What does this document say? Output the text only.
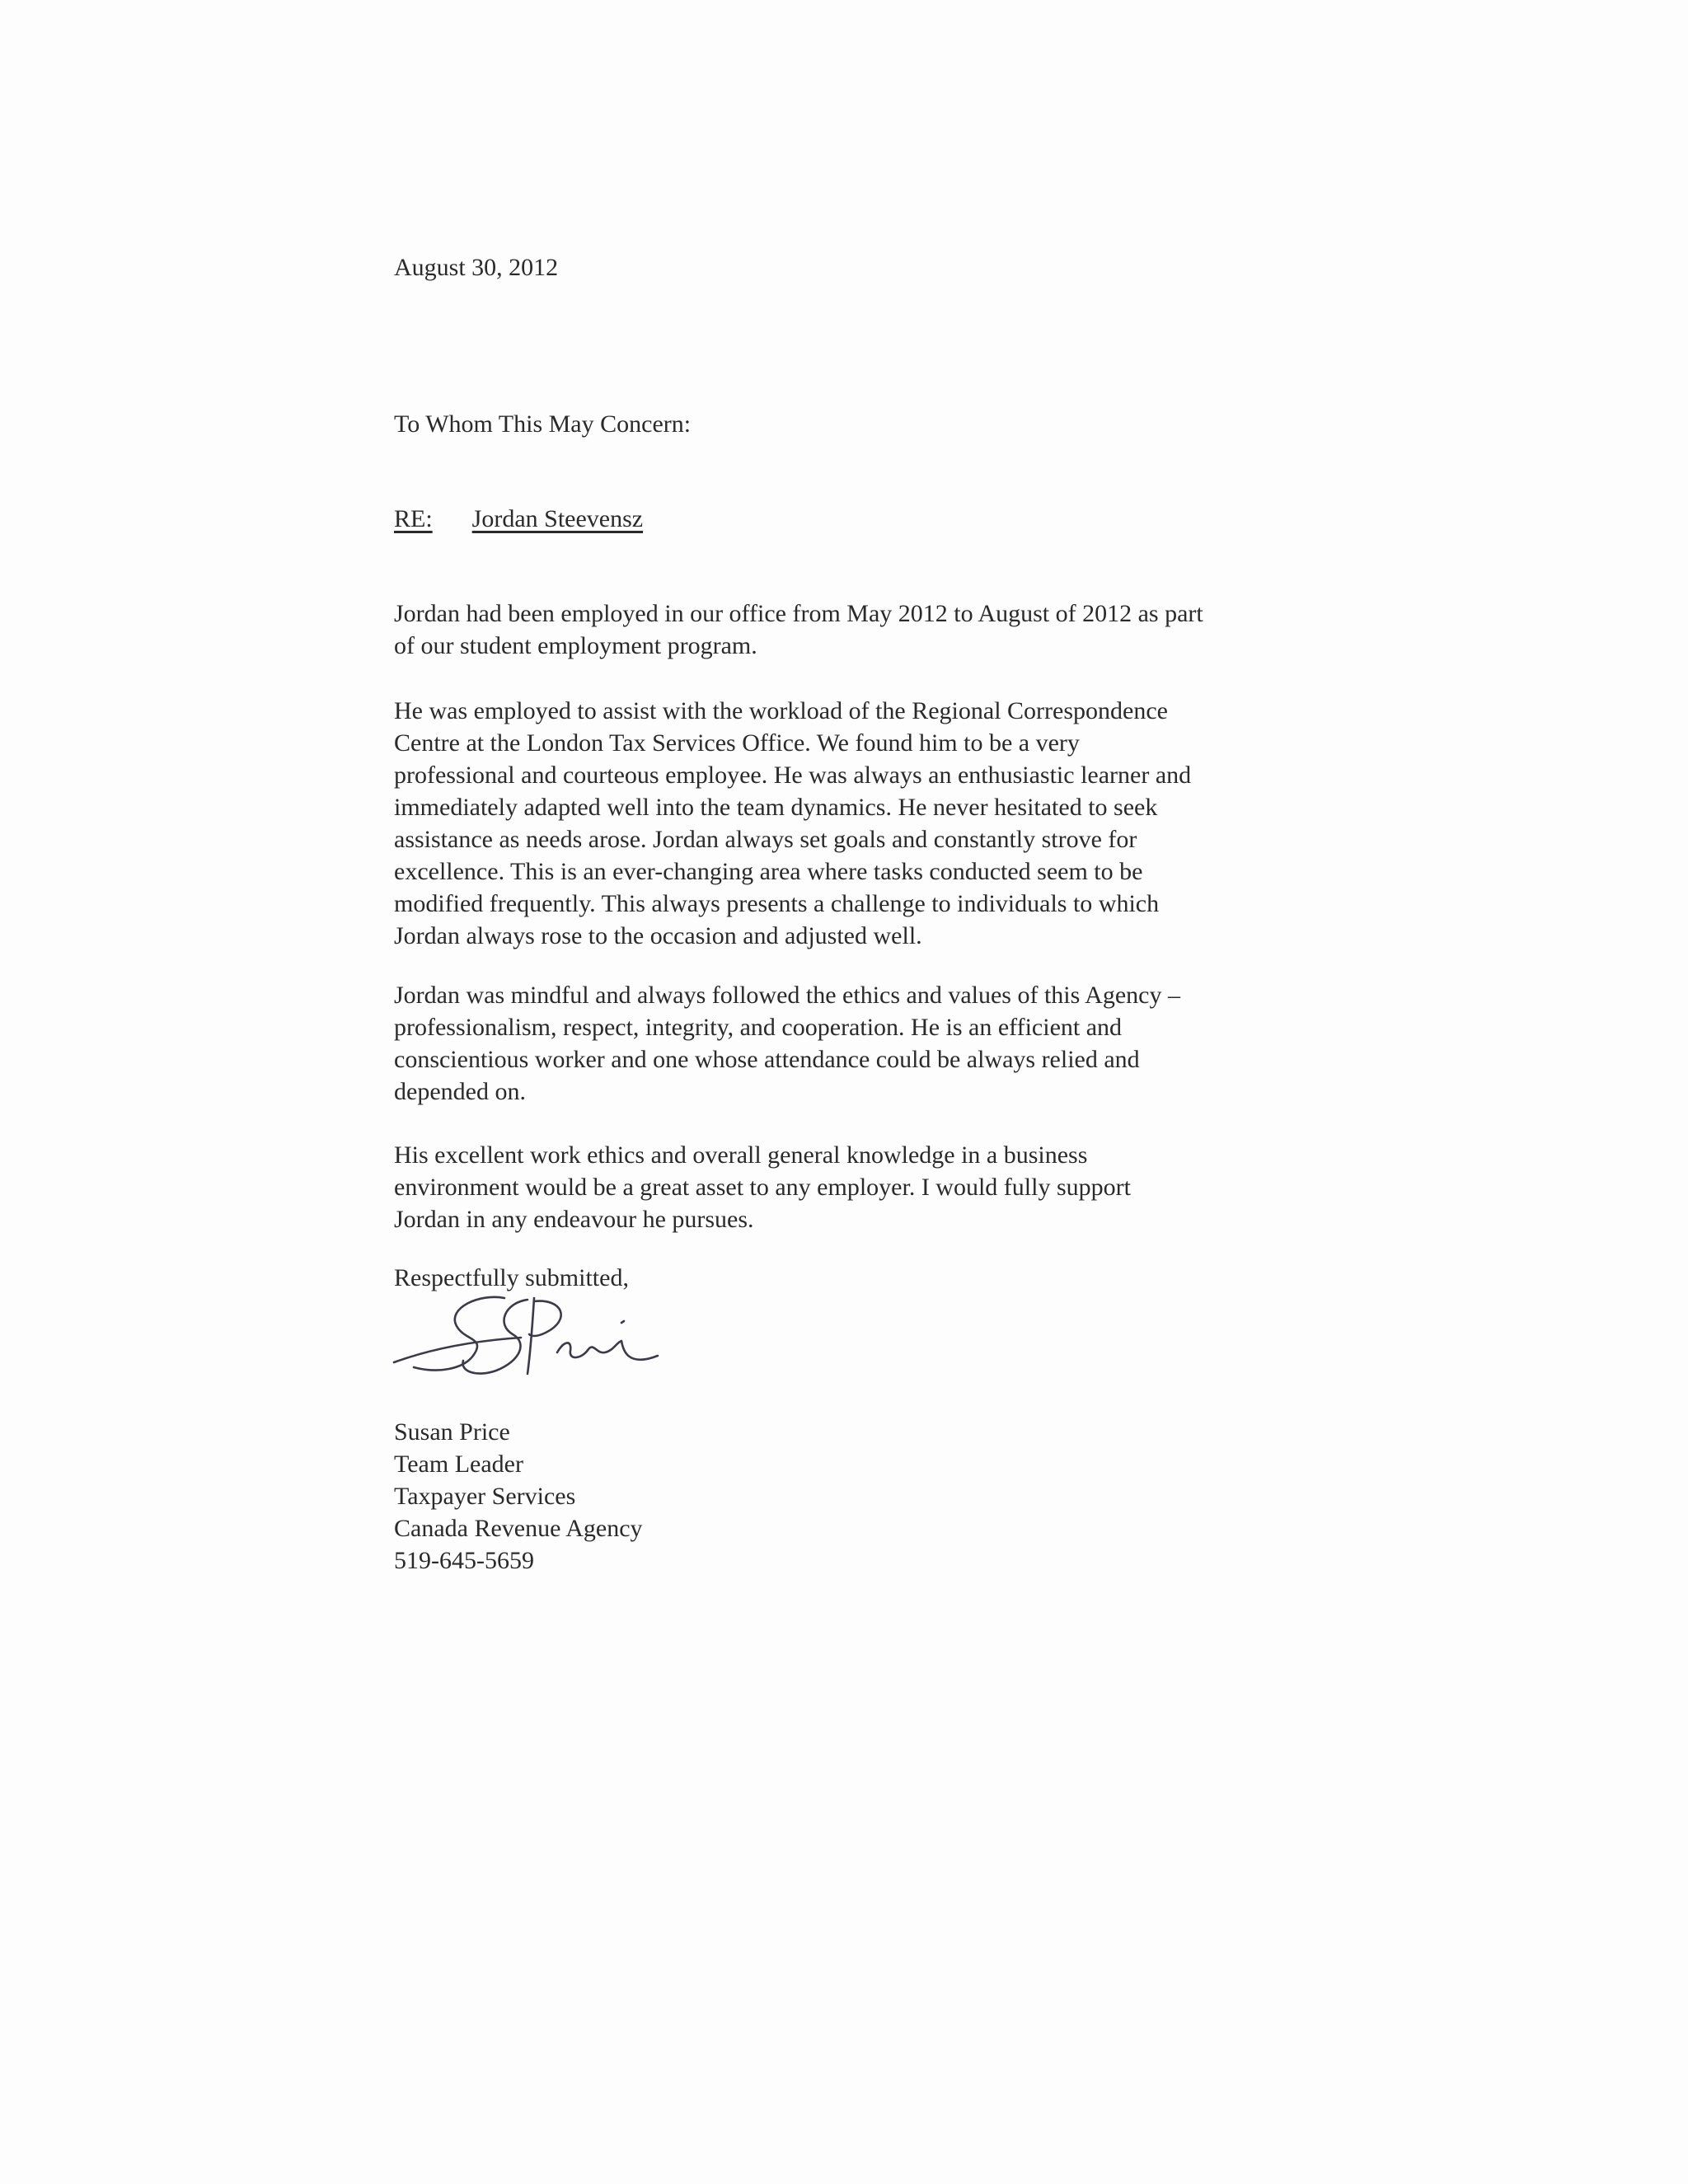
August 30, 2012
To Whom This May Concern:
RE: Jordan Steevensz
Jordan had been employed in our office from May 2012 to August of 2012 as part
of our student employment program.
He was employed to assist with the workload of the Regional Correspondence
Centre at the London Tax Services Office. We found him to be a very
professional and courteous employee. He was always an enthusiastic learner and
immediately adapted well into the team dynamics. He never hesitated to seek
assistance as needs arose. Jordan always set goals and constantly strove for
excellence. This is an ever-changing area where tasks conducted seem to be
modified frequently. This always presents a challenge to individuals to which
Jordan always rose to the occasion and adjusted well.
Jordan was mindful and always followed the ethics and values of this Agency –
professionalism, respect, integrity, and cooperation. He is an efficient and
conscientious worker and one whose attendance could be always relied and
depended on.
His excellent work ethics and overall general knowledge in a business
environment would be a great asset to any employer. I would fully support
Jordan in any endeavour he pursues.
Respectfully submitted,
Susan Price
Team Leader
Taxpayer Services
Canada Revenue Agency
519-645-5659
